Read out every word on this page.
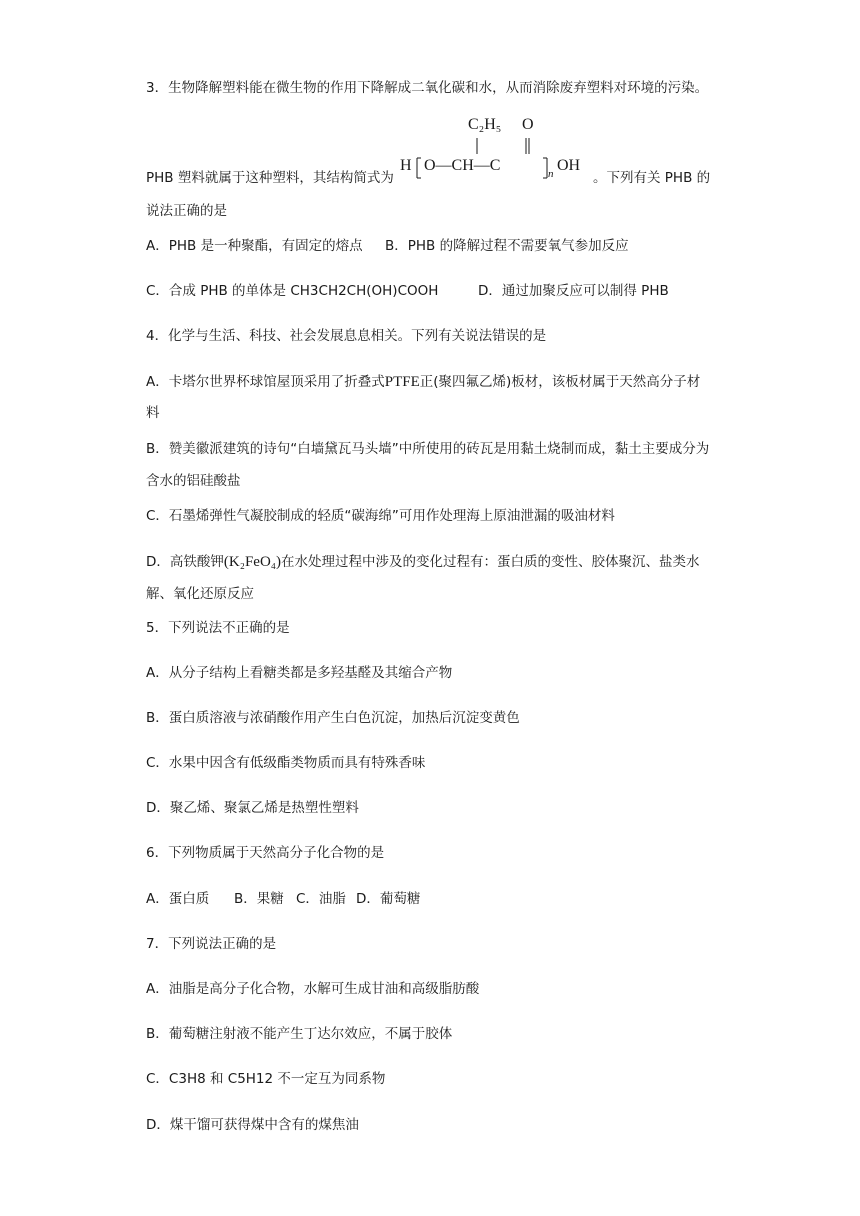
3．生物降解塑料能在微生物的作用下降解成二氧化碳和水，从而消除废弃塑料对环境的污染。
C₂H₅ O
H O—CH—C	n OH
PHB 塑料就属于这种塑料，其结构简式为	。下列有关 PHB 的
说法正确的是
A．PHB 是一种聚酯，有固定的熔点 B．PHB 的降解过程不需要氧气参加反应
C．合成 PHB 的单体是 CH3CH2CH(OH)COOH	D．通过加聚反应可以制得 PHB
4．化学与生活、科技、社会发展息息相关。下列有关说法错误的是
A．卡塔尔世界杯球馆屋顶采用了折叠式PTFE正(聚四氟乙烯)板材，该板材属于天然高分子材
料
B．赞美徽派建筑的诗句“白墙黛瓦马头墙”中所使用的砖瓦是用黏土烧制而成，黏土主要成分为
含水的铝硅酸盐
C．石墨烯弹性气凝胶制成的轻质“碳海绵”可用作处理海上原油泄漏的吸油材料
D．高铁酸钾(K₂FeO₄)在水处理过程中涉及的变化过程有：蛋白质的变性、胶体聚沉、盐类水
解、氧化还原反应
5．下列说法不正确的是
A．从分子结构上看糖类都是多羟基醛及其缩合产物
B．蛋白质溶液与浓硝酸作用产生白色沉淀，加热后沉淀变黄色
C．水果中因含有低级酯类物质而具有特殊香味
D．聚乙烯、聚氯乙烯是热塑性塑料
6．下列物质属于天然高分子化合物的是
A．蛋白质 B．果糖 C．油脂 D．葡萄糖
7．下列说法正确的是
A．油脂是高分子化合物，水解可生成甘油和高级脂肪酸
B．葡萄糖注射液不能产生丁达尔效应，不属于胶体
C．C3H8 和 C5H12 不一定互为同系物
D．煤干馏可获得煤中含有的煤焦油
